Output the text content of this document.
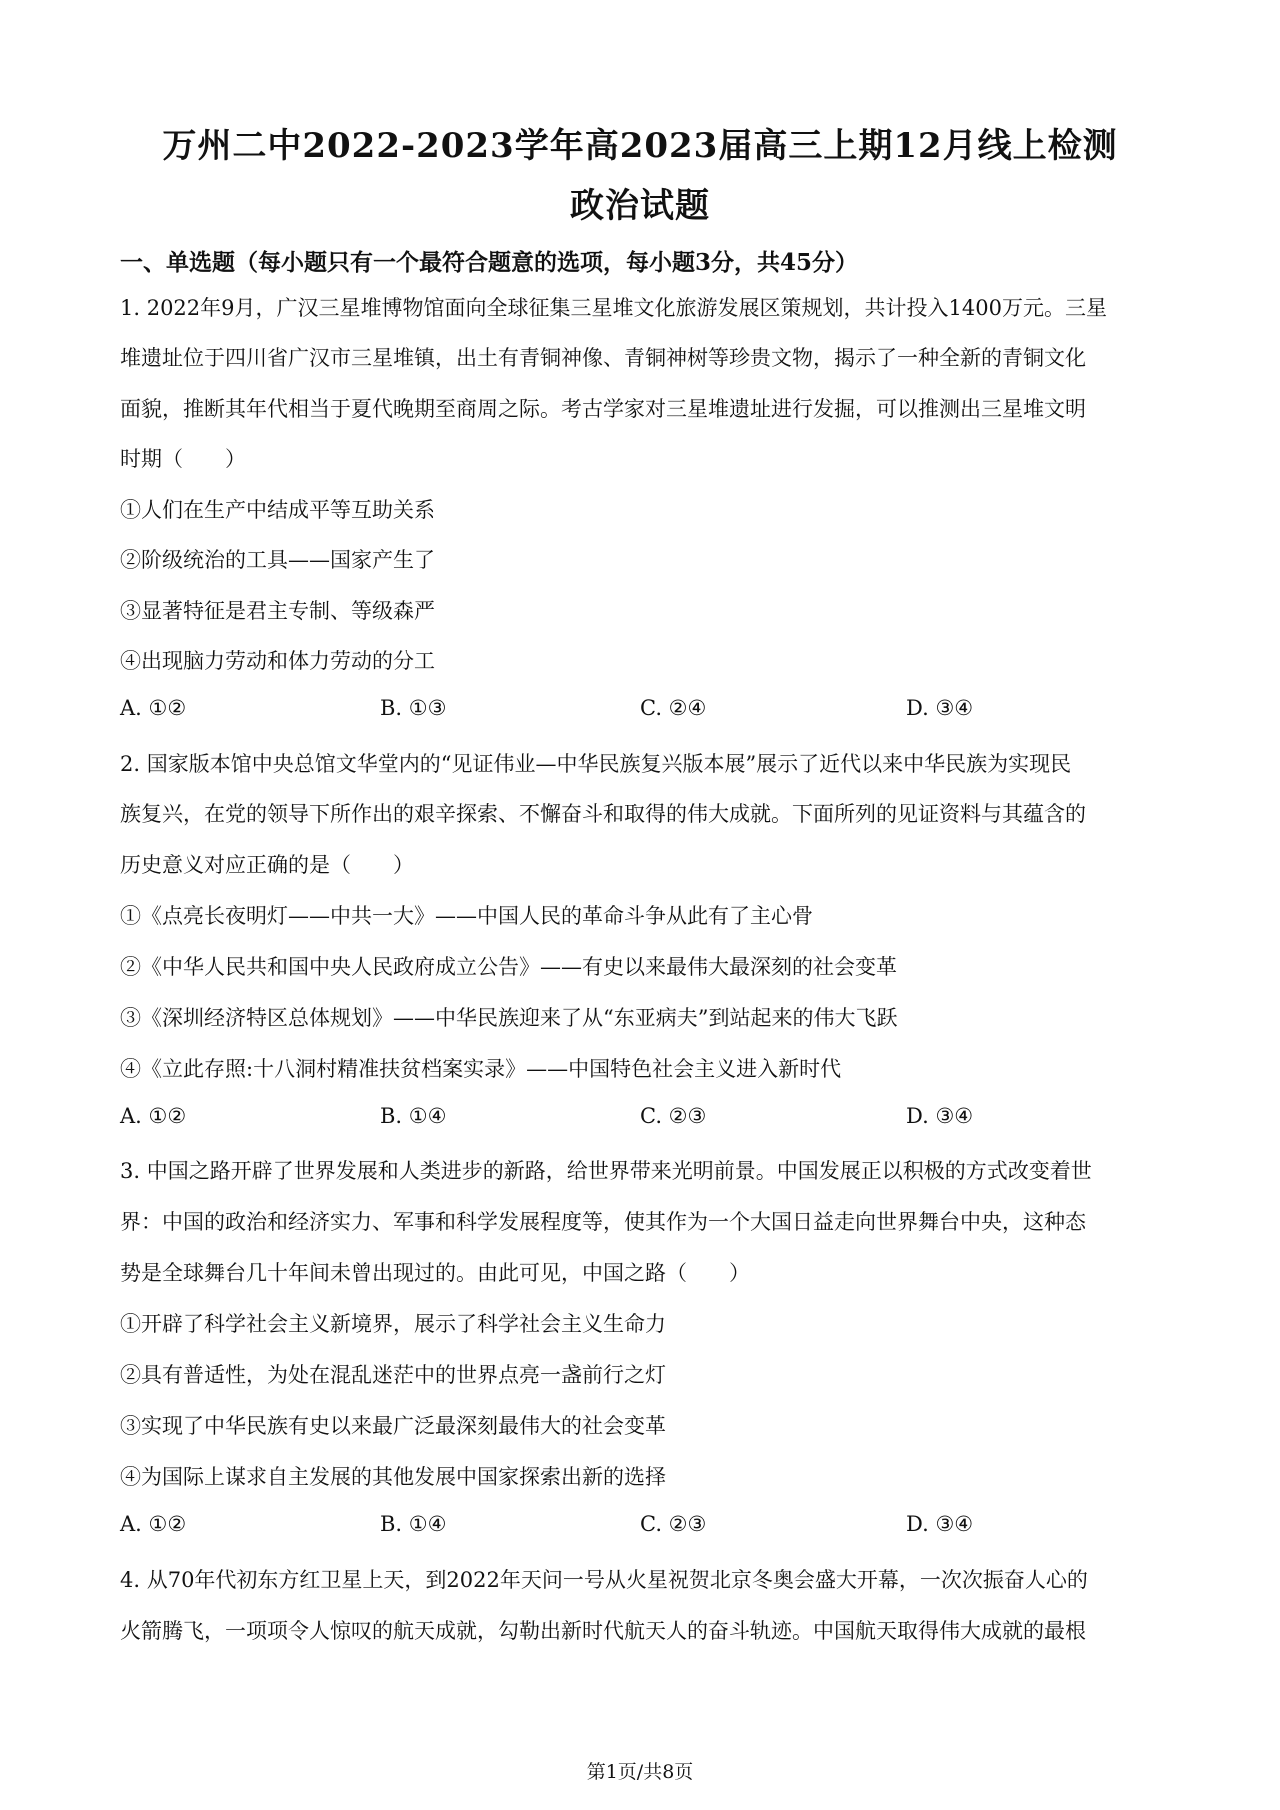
万州二中2022-2023学年高2023届高三上期12月线上检测
政治试题
一、单选题（每小题只有一个最符合题意的选项，每小题3分，共45分）
1. 2022年9月，广汉三星堆博物馆面向全球征集三星堆文化旅游发展区策规划，共计投入1400万元。三星
堆遗址位于四川省广汉市三星堆镇，出土有青铜神像、青铜神树等珍贵文物，揭示了一种全新的青铜文化
面貌，推断其年代相当于夏代晚期至商周之际。考古学家对三星堆遗址进行发掘，可以推测出三星堆文明
时期（　　）
①人们在生产中结成平等互助关系
②阶级统治的工具——国家产生了
③显著特征是君主专制、等级森严
④出现脑力劳动和体力劳动的分工
A. ①②	B. ①③	C. ②④	D. ③④
2. 国家版本馆中央总馆文华堂内的“见证伟业—中华民族复兴版本展”展示了近代以来中华民族为实现民
族复兴，在党的领导下所作出的艰辛探索、不懈奋斗和取得的伟大成就。下面所列的见证资料与其蕴含的
历史意义对应正确的是（　　）
①《点亮长夜明灯——中共一大》——中国人民的革命斗争从此有了主心骨
②《中华人民共和国中央人民政府成立公告》——有史以来最伟大最深刻的社会变革
③《深圳经济特区总体规划》——中华民族迎来了从“东亚病夫”到站起来的伟大飞跃
④《立此存照:十八洞村精准扶贫档案实录》——中国特色社会主义进入新时代
A. ①②	B. ①④	C. ②③	D. ③④
3. 中国之路开辟了世界发展和人类进步的新路，给世界带来光明前景。中国发展正以积极的方式改变着世
界：中国的政治和经济实力、军事和科学发展程度等，使其作为一个大国日益走向世界舞台中央，这种态
势是全球舞台几十年间未曾出现过的。由此可见，中国之路（　　）
①开辟了科学社会主义新境界，展示了科学社会主义生命力
②具有普适性，为处在混乱迷茫中的世界点亮一盏前行之灯
③实现了中华民族有史以来最广泛最深刻最伟大的社会变革
④为国际上谋求自主发展的其他发展中国家探索出新的选择
A. ①②	B. ①④	C. ②③	D. ③④
4. 从70年代初东方红卫星上天，到2022年天问一号从火星祝贺北京冬奥会盛大开幕，一次次振奋人心的
火箭腾飞，一项项令人惊叹的航天成就，勾勒出新时代航天人的奋斗轨迹。中国航天取得伟大成就的最根
第1页/共8页
